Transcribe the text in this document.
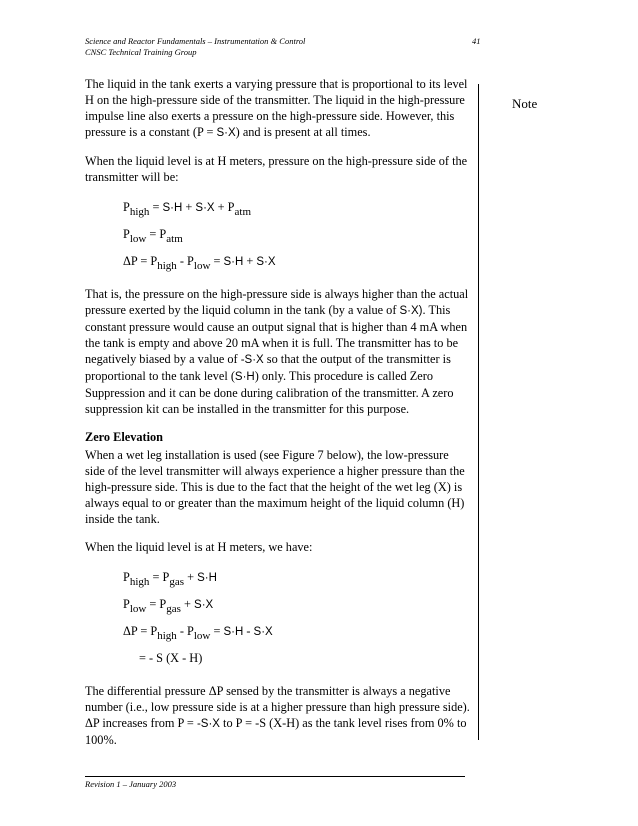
Science and Reactor Fundamentals – Instrumentation & Control
CNSC Technical Training Group
41
Note

The liquid in the tank exerts a varying pressure that is proportional to its level H on the high-pressure side of the transmitter. The liquid in the high-pressure impulse line also exerts a pressure on the high-pressure side. However, this pressure is a constant (P = S·X) and is present at all times.

When the liquid level is at H meters, pressure on the high-pressure side of the transmitter will be:

$P_{high} = S\cdot H + S\cdot X + P_{atm}$
$P_{low} = P_{atm}$
$\Delta P = P_{high} - P_{low} = S\cdot H + S\cdot X$

That is, the pressure on the high-pressure side is always higher than the actual pressure exerted by the liquid column in the tank (by a value of S·X). This constant pressure would cause an output signal that is higher than 4 mA when the tank is empty and above 20 mA when it is full. The transmitter has to be negatively biased by a value of -S·X so that the output of the transmitter is proportional to the tank level (S·H) only. This procedure is called Zero Suppression and it can be done during calibration of the transmitter. A zero suppression kit can be installed in the transmitter for this purpose.

Zero Elevation

When a wet leg installation is used (see Figure 7 below), the low-pressure side of the level transmitter will always experience a higher pressure than the high-pressure side. This is due to the fact that the height of the wet leg (X) is always equal to or greater than the maximum height of the liquid column (H) inside the tank.

When the liquid level is at H meters, we have:

$P_{high} = P_{gas} + S\cdot H$
$P_{low} = P_{gas} + S\cdot X$
$\Delta P = P_{high} - P_{low} = S\cdot H - S\cdot X$
= - S (X - H)

The differential pressure ΔP sensed by the transmitter is always a negative number (i.e., low pressure side is at a higher pressure than high pressure side). ΔP increases from P = -S·X to P = -S (X-H) as the tank level rises from 0% to 100%.

Revision 1 – January 2003
